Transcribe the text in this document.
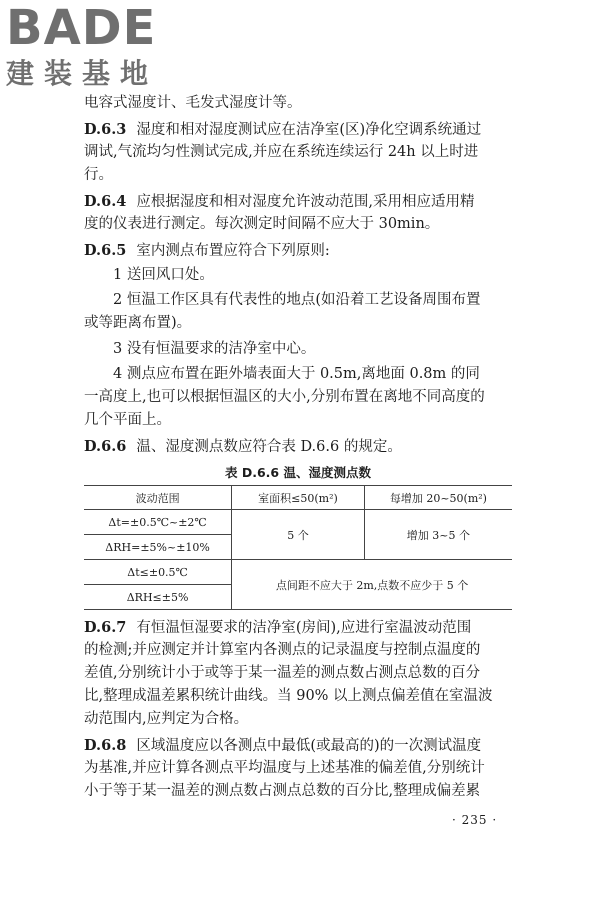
BADE
建装基地
电容式湿度计、毛发式湿度计等。
D.6.3 湿度和相对湿度测试应在洁净室(区)净化空调系统通过
调试,气流均匀性测试完成,并应在系统连续运行 24h 以上时进
行。
D.6.4 应根据湿度和相对湿度允许波动范围,采用相应适用精
度的仪表进行测定。每次测定时间隔不应大于 30min。
D.6.5 室内测点布置应符合下列原则:
1 送回风口处。
2 恒温工作区具有代表性的地点(如沿着工艺设备周围布置
或等距离布置)。
3 没有恒温要求的洁净室中心。
4 测点应布置在距外墙表面大于 0.5m,离地面 0.8m 的同
一高度上,也可以根据恒温区的大小,分别布置在离地不同高度的
几个平面上。
D.6.6 温、湿度测点数应符合表 D.6.6 的规定。
表 D.6.6 温、湿度测点数
波动范围	室面积≤50(m²)	每增加 20~50(m²)
Δt=±0.5℃~±2℃	5 个	增加 3~5 个
ΔRH=±5%~±10%		
Δt≤±0.5℃	点间距不应大于 2m,点数不应少于 5 个	
ΔRH≤±5%		
D.6.7 有恒温恒湿要求的洁净室(房间),应进行室温波动范围
的检测;并应测定并计算室内各测点的记录温度与控制点温度的
差值,分别统计小于或等于某一温差的测点数占测点总数的百分
比,整理成温差累积统计曲线。当 90% 以上测点偏差值在室温波
动范围内,应判定为合格。
D.6.8 区域温度应以各测点中最低(或最高的)的一次测试温度
为基准,并应计算各测点平均温度与上述基准的偏差值,分别统计
小于等于某一温差的测点数占测点总数的百分比,整理成偏差累
· 235 ·
